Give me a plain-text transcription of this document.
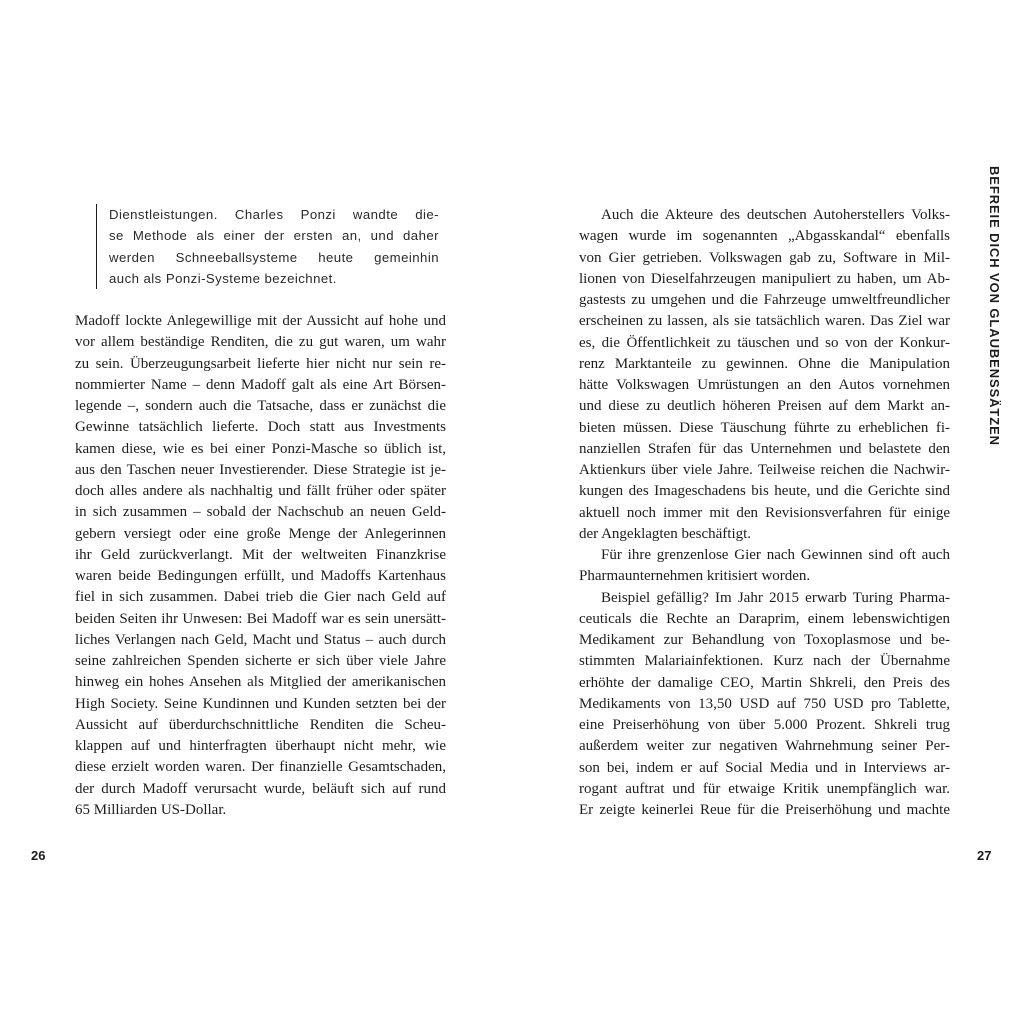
Dienstleistungen. Charles Ponzi wandte die-
se Methode als einer der ersten an, und daher
werden Schneeballsysteme heute gemeinhin
auch als Ponzi-Systeme bezeichnet.
Madoff lockte Anlegewillige mit der Aussicht auf hohe und
vor allem beständige Renditen, die zu gut waren, um wahr
zu sein. Überzeugungsarbeit lieferte hier nicht nur sein re-
nommierter Name – denn Madoff galt als eine Art Börsen-
legende –, sondern auch die Tatsache, dass er zunächst die
Gewinne tatsächlich lieferte. Doch statt aus Investments
kamen diese, wie es bei einer Ponzi-Masche so üblich ist,
aus den Taschen neuer Investierender. Diese Strategie ist je-
doch alles andere als nachhaltig und fällt früher oder später
in sich zusammen – sobald der Nachschub an neuen Geld-
gebern versiegt oder eine große Menge der Anlegerinnen
ihr Geld zurückverlangt. Mit der weltweiten Finanzkrise
waren beide Bedingungen erfüllt, und Madoffs Kartenhaus
fiel in sich zusammen. Dabei trieb die Gier nach Geld auf
beiden Seiten ihr Unwesen: Bei Madoff war es sein unersätt-
liches Verlangen nach Geld, Macht und Status – auch durch
seine zahlreichen Spenden sicherte er sich über viele Jahre
hinweg ein hohes Ansehen als Mitglied der amerikanischen
High Society. Seine Kundinnen und Kunden setzten bei der
Aussicht auf überdurchschnittliche Renditen die Scheu-
klappen auf und hinterfragten überhaupt nicht mehr, wie
diese erzielt worden waren. Der finanzielle Gesamtschaden,
der durch Madoff verursacht wurde, beläuft sich auf rund
65 Milliarden US-Dollar.
Auch die Akteure des deutschen Autoherstellers Volks-
wagen wurde im sogenannten „Abgasskandal“ ebenfalls
von Gier getrieben. Volkswagen gab zu, Software in Mil-
lionen von Dieselfahrzeugen manipuliert zu haben, um Ab-
gastests zu umgehen und die Fahrzeuge umweltfreundlicher
erscheinen zu lassen, als sie tatsächlich waren. Das Ziel war
es, die Öffentlichkeit zu täuschen und so von der Konkur-
renz Marktanteile zu gewinnen. Ohne die Manipulation
hätte Volkswagen Umrüstungen an den Autos vornehmen
und diese zu deutlich höheren Preisen auf dem Markt an-
bieten müssen. Diese Täuschung führte zu erheblichen fi-
nanziellen Strafen für das Unternehmen und belastete den
Aktienkurs über viele Jahre. Teilweise reichen die Nachwir-
kungen des Imageschadens bis heute, und die Gerichte sind
aktuell noch immer mit den Revisionsverfahren für einige
der Angeklagten beschäftigt.
Für ihre grenzenlose Gier nach Gewinnen sind oft auch
Pharmaunternehmen kritisiert worden.
Beispiel gefällig? Im Jahr 2015 erwarb Turing Pharma-
ceuticals die Rechte an Daraprim, einem lebenswichtigen
Medikament zur Behandlung von Toxoplasmose und be-
stimmten Malariainfektionen. Kurz nach der Übernahme
erhöhte der damalige CEO, Martin Shkreli, den Preis des
Medikaments von 13,50 USD auf 750 USD pro Tablette,
eine Preiserhöhung von über 5.000 Prozent. Shkreli trug
außerdem weiter zur negativen Wahrnehmung seiner Per-
son bei, indem er auf Social Media und in Interviews ar-
rogant auftrat und für etwaige Kritik unempfänglich war.
Er zeigte keinerlei Reue für die Preiserhöhung und machte
26	27
BEFREIE DICH VON GLAUBENSSÄTZEN
